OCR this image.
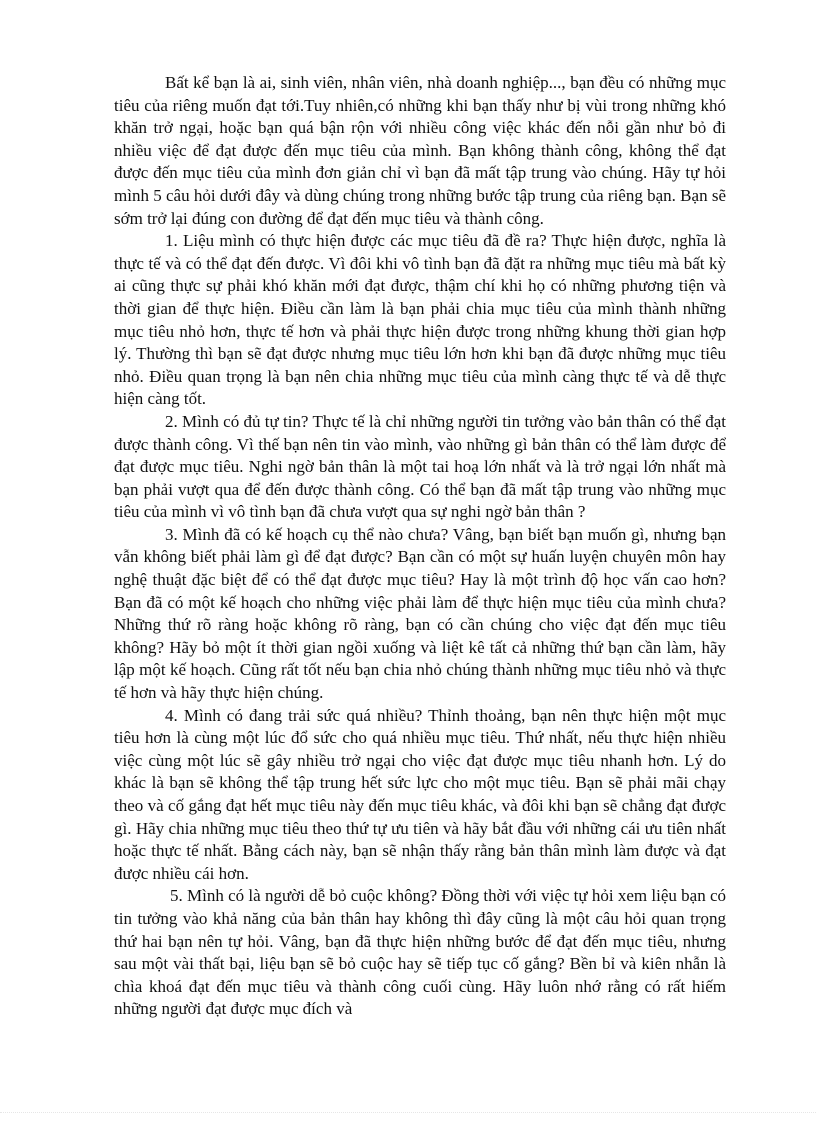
Bất kể bạn là ai, sinh viên, nhân viên, nhà doanh nghiệp..., bạn đều có những mục tiêu của riêng muốn đạt tới.Tuy nhiên,có những khi bạn thấy như bị vùi trong những khó khăn trở ngại, hoặc bạn quá bận rộn với nhiều công việc khác đến nỗi gần như bỏ đi nhiều việc để đạt được đến mục tiêu của mình. Bạn không thành công, không thể đạt được đến mục tiêu của mình đơn giản chỉ vì bạn đã mất tập trung vào chúng. Hãy tự hỏi mình 5 câu hỏi dưới đây và dùng chúng trong những bước tập trung của riêng bạn. Bạn sẽ sớm trở lại đúng con đường để đạt đến mục tiêu và thành công.

1. Liệu mình có thực hiện được các mục tiêu đã đề ra? Thực hiện được, nghĩa là thực tế và có thể đạt đến được. Vì đôi khi vô tình bạn đã đặt ra những mục tiêu mà bất kỳ ai cũng thực sự phải khó khăn mới đạt được, thậm chí khi họ có những phương tiện và thời gian để thực hiện. Điều cần làm là bạn phải chia mục tiêu của mình thành những mục tiêu nhỏ hơn, thực tế hơn và phải thực hiện được trong những khung thời gian hợp lý. Thường thì bạn sẽ đạt được nhưng mục tiêu lớn hơn khi bạn đã được những mục tiêu nhỏ. Điều quan trọng là bạn nên chia những mục tiêu của mình càng thực tế và dễ thực hiện càng tốt.

2. Mình có đủ tự tin? Thực tế là chỉ những người tin tưởng vào bản thân có thể đạt được thành công. Vì thế bạn nên tin vào mình, vào những gì bản thân có thể làm được để đạt được mục tiêu. Nghi ngờ bản thân là một tai hoạ lớn nhất và là trở ngại lớn nhất mà bạn phải vượt qua để đến được thành công. Có thể bạn đã mất tập trung vào những mục tiêu của mình vì vô tình bạn đã chưa vượt qua sự nghi ngờ bản thân ?

3. Mình đã có kế hoạch cụ thể nào chưa? Vâng, bạn biết bạn muốn gì, nhưng bạn vẫn không biết phải làm gì để đạt được? Bạn cần có một sự huấn luyện chuyên môn hay nghệ thuật đặc biệt để có thể đạt được mục tiêu? Hay là một trình độ học vấn cao hơn? Bạn đã có một kế hoạch cho những việc phải làm để thực hiện mục tiêu của mình chưa? Những thứ rõ ràng hoặc không rõ ràng, bạn có cần chúng cho việc đạt đến mục tiêu không? Hãy bỏ một ít thời gian ngồi xuống và liệt kê tất cả những thứ bạn cần làm, hãy lập một kế hoạch. Cũng rất tốt nếu bạn chia nhỏ chúng thành những mục tiêu nhỏ và thực tế hơn và hãy thực hiện chúng.

4. Mình có đang trải sức quá nhiều? Thỉnh thoảng, bạn nên thực hiện một mục tiêu hơn là cùng một lúc đổ sức cho quá nhiều mục tiêu. Thứ nhất, nếu thực hiện nhiều việc cùng một lúc sẽ gây nhiều trở ngại cho việc đạt được mục tiêu nhanh hơn. Lý do khác là bạn sẽ không thể tập trung hết sức lực cho một mục tiêu. Bạn sẽ phải mãi chạy theo và cố gắng đạt hết mục tiêu này đến mục tiêu khác, và đôi khi bạn sẽ chẳng đạt được gì. Hãy chia những mục tiêu theo thứ tự ưu tiên và hãy bắt đầu với những cái ưu tiên nhất hoặc thực tế nhất. Bằng cách này, bạn sẽ nhận thấy rằng bản thân mình làm được và đạt được nhiều cái hơn.

5. Mình có là người dễ bỏ cuộc không? Đồng thời với việc tự hỏi xem liệu bạn có tin tưởng vào khả năng của bản thân hay không thì đây cũng là một câu hỏi quan trọng thứ hai bạn nên tự hỏi. Vâng, bạn đã thực hiện những bước để đạt đến mục tiêu, nhưng sau một vài thất bại, liệu bạn sẽ bỏ cuộc hay sẽ tiếp tục cố gắng? Bền bỉ và kiên nhẫn là chìa khoá đạt đến mục tiêu và thành công cuối cùng. Hãy luôn nhớ rằng có rất hiếm những người đạt được mục đích và
